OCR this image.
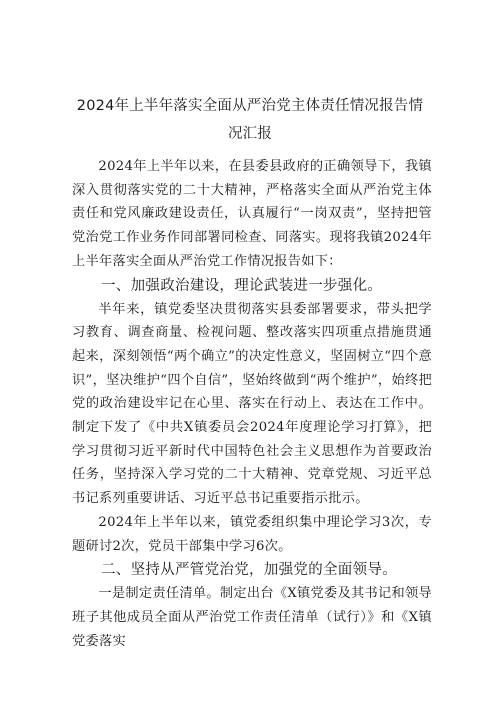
2024年上半年落实全面从严治党主体责任情况报告情
况汇报

2024年上半年以来，在县委县政府的正确领导下，我镇深入贯彻落实党的二十大精神，严格落实全面从严治党主体责任和党风廉政建设责任，认真履行“一岗双责”，坚持把管党治党工作业务作同部署同检查、同落实。现将我镇2024年上半年落实全面从严治党工作情况报告如下：

一、加强政治建设，理论武装进一步强化。

半年来，镇党委坚决贯彻落实县委部署要求，带头把学习教育、调查商量、检视问题、整改落实四项重点措施贯通起来，深刻领悟“两个确立”的决定性意义，坚固树立“四个意识”，坚决维护“四个自信”，坚始终做到“两个维护”，始终把党的政治建设牢记在心里、落实在行动上、表达在工作中。制定下发了《中共X镇委员会2024年度理论学习打算》，把学习贯彻习近平新时代中国特色社会主义思想作为首要政治任务，坚持深入学习党的二十大精神、党章党规、习近平总书记系列重要讲话、习近平总书记重要指示批示。

2024年上半年以来，镇党委组织集中理论学习3次，专题研讨2次，党员干部集中学习6次。

二、坚持从严管党治党，加强党的全面领导。

一是制定责任清单。制定出台《X镇党委及其书记和领导班子其他成员全面从严治党工作责任清单（试行）》和《X镇党委落实
